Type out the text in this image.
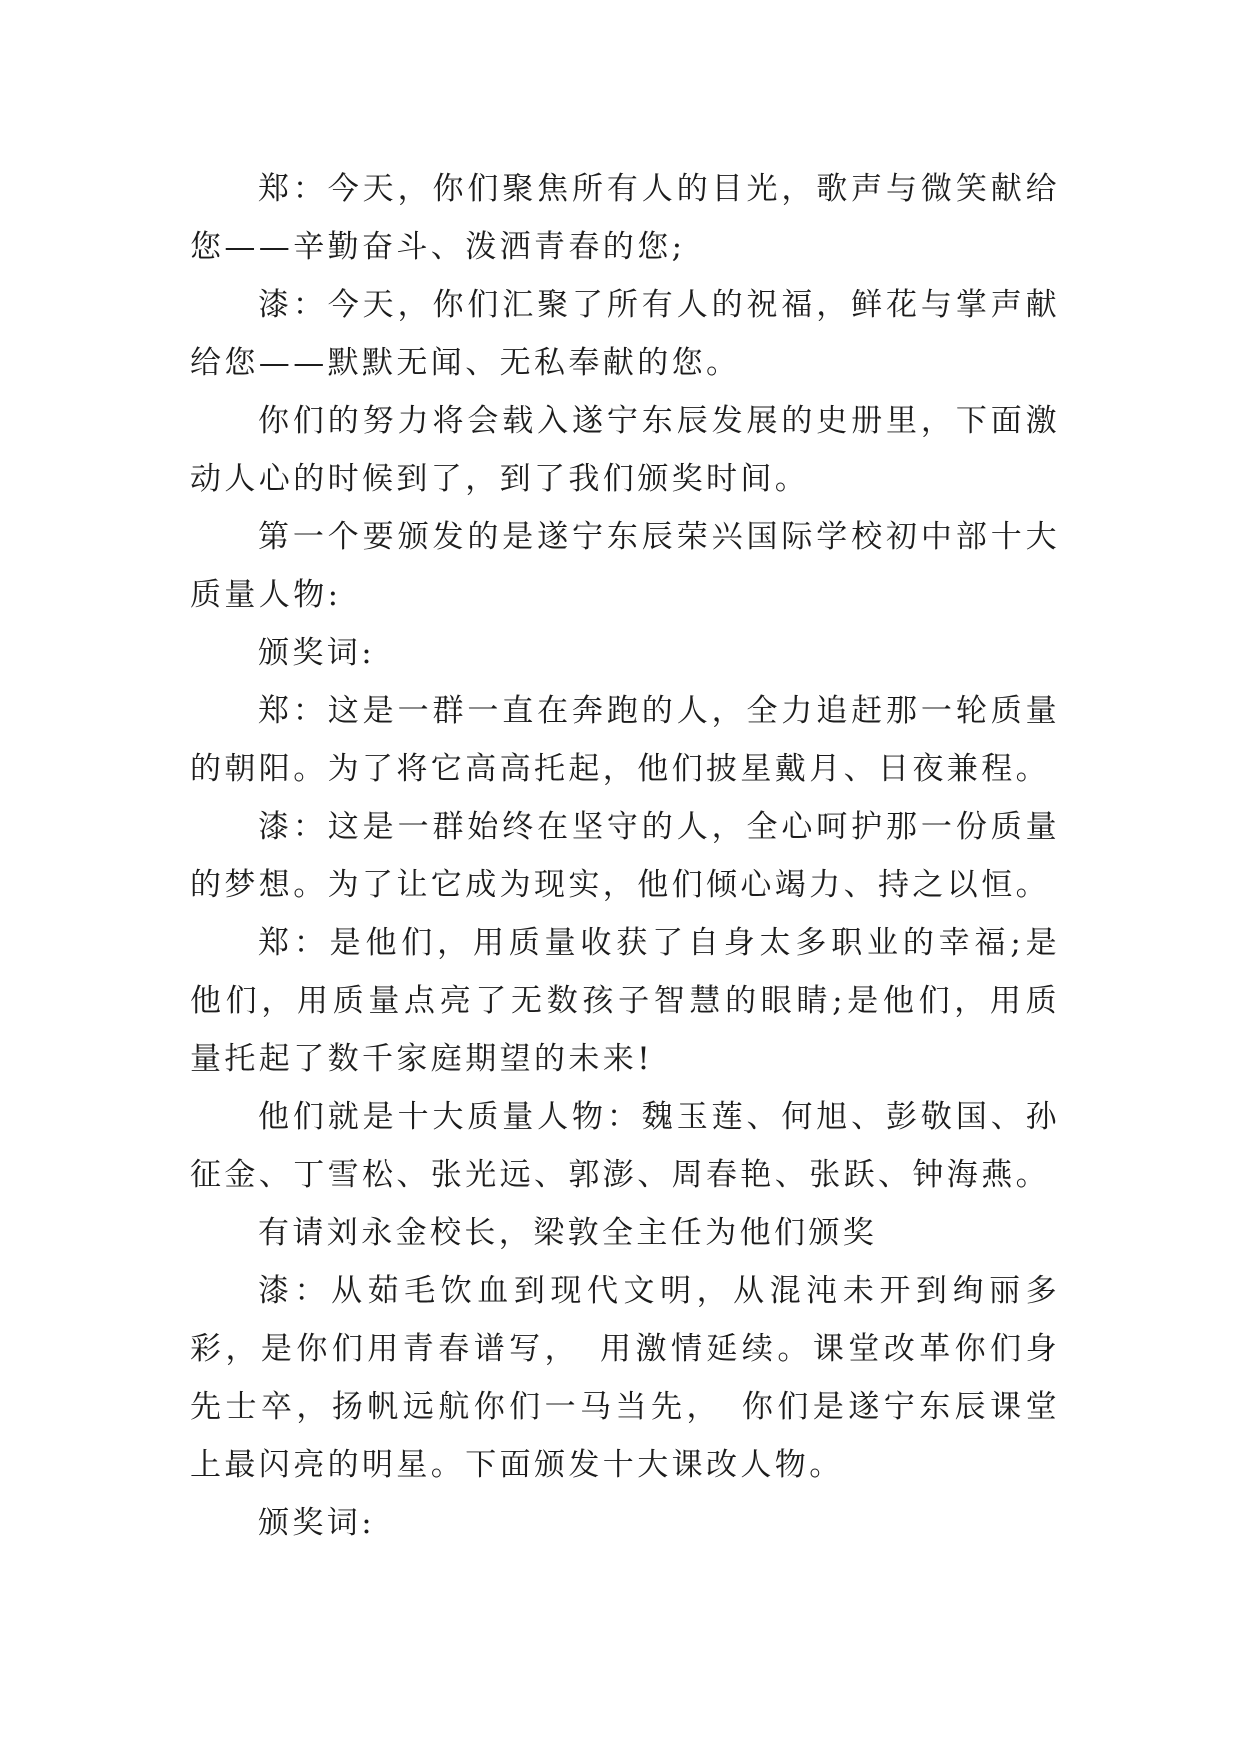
郑：今天，你们聚焦所有人的目光，歌声与微笑献给您——辛勤奋斗、泼洒青春的您;

漆：今天，你们汇聚了所有人的祝福，鲜花与掌声献给您——默默无闻、无私奉献的您。

你们的努力将会载入遂宁东辰发展的史册里，下面激动人心的时候到了，到了我们颁奖时间。

第一个要颁发的是遂宁东辰荣兴国际学校初中部十大质量人物:

颁奖词:

郑：这是一群一直在奔跑的人，全力追赶那一轮质量的朝阳。为了将它高高托起，他们披星戴月、日夜兼程。

漆：这是一群始终在坚守的人，全心呵护那一份质量的梦想。为了让它成为现实，他们倾心竭力、持之以恒。

郑：是他们，用质量收获了自身太多职业的幸福;是他们，用质量点亮了无数孩子智慧的眼睛;是他们，用质量托起了数千家庭期望的未来!

他们就是十大质量人物：魏玉莲、何旭、彭敬国、孙征金、丁雪松、张光远、郭澎、周春艳、张跃、钟海燕。

有请刘永金校长，梁敦全主任为他们颁奖

漆：从茹毛饮血到现代文明，从混沌未开到绚丽多彩，是你们用青春谱写，　用激情延续。课堂改革你们身先士卒，扬帆远航你们一马当先，　你们是遂宁东辰课堂上最闪亮的明星。下面颁发十大课改人物。

颁奖词:
